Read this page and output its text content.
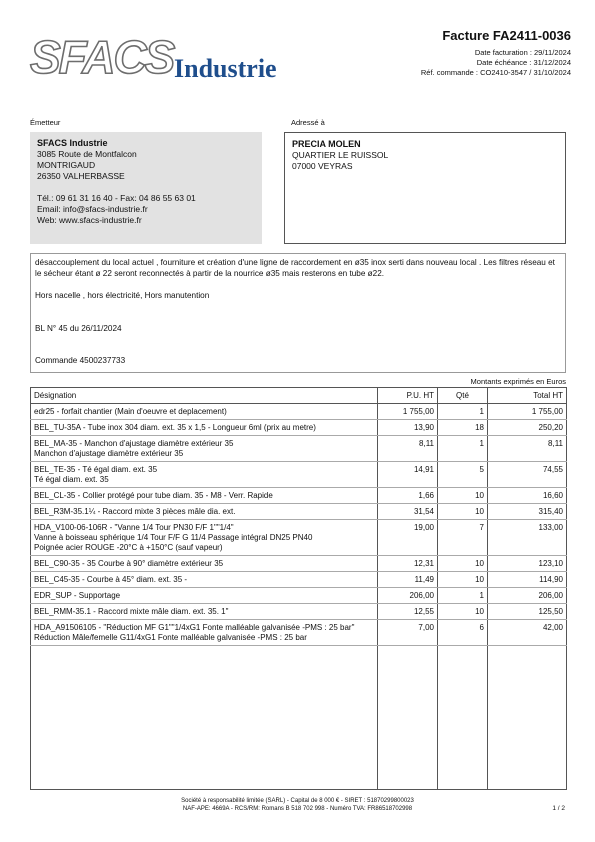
SFACS Industrie
Facture FA2411-0036
Date facturation : 29/11/2024
Date échéance : 31/12/2024
Réf. commande : CO2410-3547 / 31/10/2024
Émetteur	Adressé à
SFACS Industrie
3085 Route de Montfalcon
MONTRIGAUD
26350 VALHERBASSE
Tél.: 09 61 31 16 40 - Fax: 04 86 55 63 01
Email: info@sfacs-industrie.fr
Web: www.sfacs-industrie.fr
PRECIA MOLEN
QUARTIER LE RUISSOL
07000 VEYRAS

désaccouplement du local actuel , fourniture et création d'une ligne de raccordement en ø35 inox serti dans nouveau local . Les filtres réseau et le sécheur étant ø 22 seront reconnectés à partir de la nourrice ø35 mais resterons en tube ø22.

Hors nacelle , hors électricité, Hors manutention

BL N° 45 du 26/11/2024

Commande 4500237733

Montants exprimés en Euros
Désignation	P.U. HT	Qté	Total HT
edr25 - forfait chantier (Main d'oeuvre et deplacement)	1 755,00	1	1 755,00
BEL_TU-35A - Tube inox 304 diam. ext. 35 x 1,5 - Longueur 6ml (prix au metre)	13,90	18	250,20
BEL_MA-35 - Manchon d'ajustage diamètre extérieur 35
Manchon d'ajustage diamètre extérieur 35	8,11	1	8,11
BEL_TE-35 - Té égal diam. ext. 35
Té égal diam. ext. 35	14,91	5	74,55
BEL_CL-35 - Collier protégé pour tube diam. 35 - M8 - Verr. Rapide	1,66	10	16,60
BEL_R3M-35.1¼ - Raccord mixte 3 pièces mâle dia. ext.	31,54	10	315,40
HDA_V100-06-106R - "Vanne 1/4 Tour PN30 F/F 1""1/4"
Vanne à boisseau sphérique 1/4 Tour F/F G 11/4 Passage intégral DN25 PN40
Poignée acier ROUGE -20°C à +150°C (sauf vapeur)	19,00	7	133,00
BEL_C90-35 - 35 Courbe à 90° diamètre extérieur 35	12,31	10	123,10
BEL_C45-35 - Courbe à 45° diam. ext. 35 -	11,49	10	114,90
EDR_SUP - Supportage	206,00	1	206,00
BEL_RMM-35.1 - Raccord mixte mâle diam. ext. 35. 1"	12,55	10	125,50
HDA_A91506105 - "Réduction MF G1""1/4xG1 Fonte malléable galvanisée -PMS : 25 bar"
Réduction Mâle/femelle G11/4xG1 Fonte malléable galvanisée -PMS : 25 bar	7,00	6	42,00

Société à responsabilité limitée (SARL) - Capital de 8 000 € - SIRET : 51870299800023
NAF-APE: 4669A - RCS/RM: Romans B 518 702 998 - Numéro TVA: FR86518702998	1 / 2
